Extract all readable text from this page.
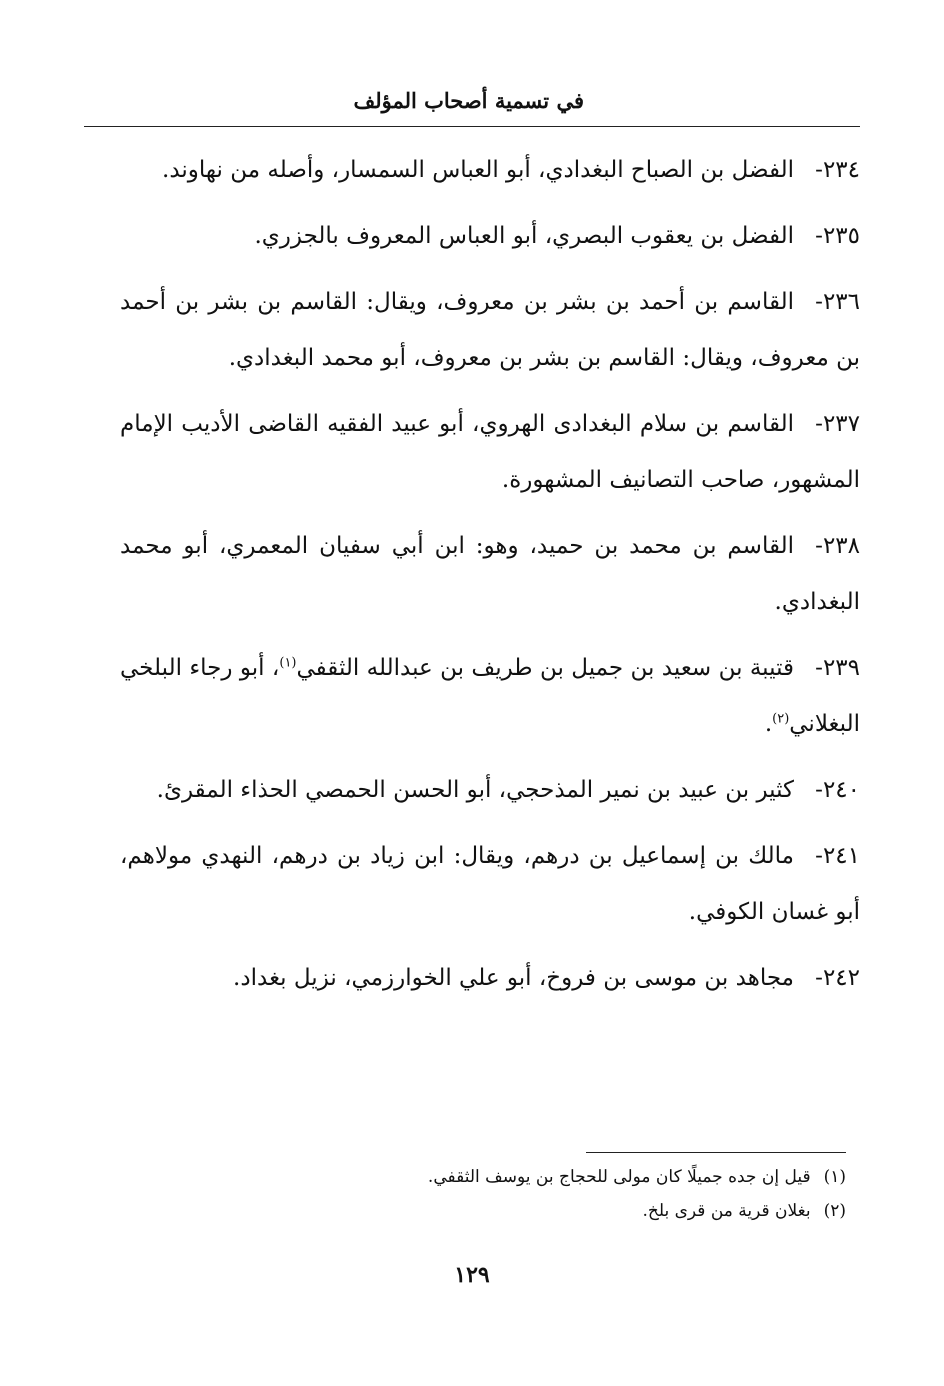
في تسمية أصحاب المؤلف
٢٣٤-
الفضل بن الصباح البغدادي، أبو العباس السمسار، وأصله من نهاوند.
٢٣٥-
الفضل بن يعقوب البصري، أبو العباس المعروف بالجزري.
٢٣٦-
القاسم بن أحمد بن بشر بن معروف، ويقال: القاسم بن بشر بن أحمد بن معروف، ويقال: القاسم بن بشر بن معروف، أبو محمد البغدادي.
٢٣٧-
القاسم بن سلام البغدادى الهروي، أبو عبيد الفقيه القاضى الأديب الإمام المشهور، صاحب التصانيف المشهورة.
٢٣٨-
القاسم بن محمد بن حميد، وهو: ابن أبي سفيان المعمري، أبو محمد البغدادي.
٢٣٩-
قتيبة بن سعيد بن جميل بن طريف بن عبدالله الثقفي$^{(١)}$، أبو رجاء البلخي البغلاني$^{(٢)}$.
٢٤٠-
كثير بن عبيد بن نمير المذحجي، أبو الحسن الحمصي الحذاء المقرئ.
٢٤١-
مالك بن إسماعيل بن درهم، ويقال: ابن زياد بن درهم، النهدي مولاهم، أبو غسان الكوفي.
٢٤٢-
مجاهد بن موسى بن فروخ، أبو علي الخوارزمي، نزيل بغداد.
(١) قيل إن جده جميلًا كان مولى للحجاج بن يوسف الثقفي.
(٢) بغلان قرية من قرى بلخ.
١٢٩
